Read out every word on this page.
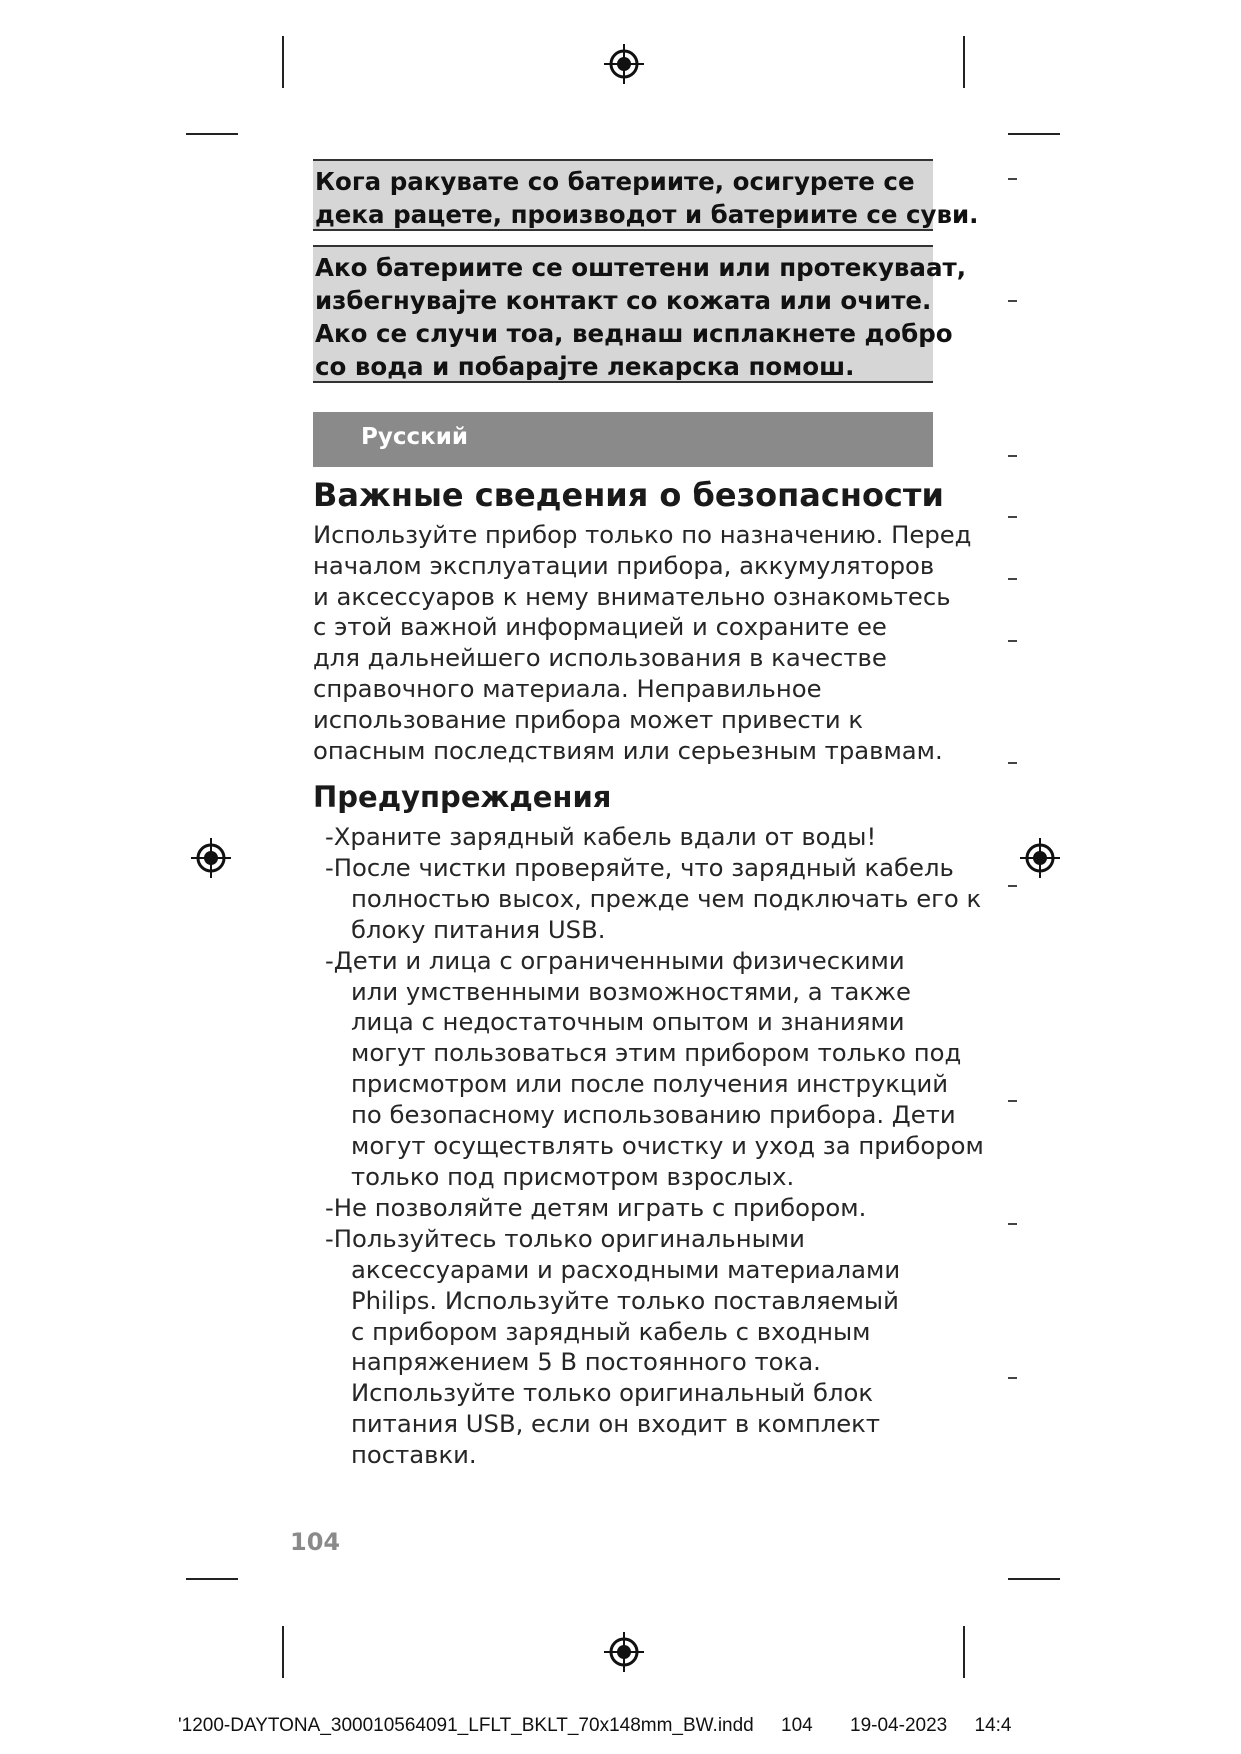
Кога ракувате со батериите, осигурете се
дека рацете, производот и батериите се суви.
Ако батериите се оштетени или протекуваат,
избегнувајте контакт со кожата или очите.
Ако се случи тоа, веднаш исплакнете добро
со вода и побарајте лекарска помош.
Русский
Важные сведения о безопасности
Используйте прибор только по назначению. Перед
началом эксплуатации прибора, аккумуляторов
и аксессуаров к нему внимательно ознакомьтесь
с этой важной информацией и сохраните ее
для дальнейшего использования в качестве
справочного материала. Неправильное
использование прибора может привести к
опасным последствиям или серьезным травмам.
Предупреждения
-Храните зарядный кабель вдали от воды!
-После чистки проверяйте, что зарядный кабель
полностью высох, прежде чем подключать его к
блоку питания USB.
-Дети и лица с ограниченными физическими
или умственными возможностями, а также
лица с недостаточным опытом и знаниями
могут пользоваться этим прибором только под
присмотром или после получения инструкций
по безопасному использованию прибора. Дети
могут осуществлять очистку и уход за прибором
только под присмотром взрослых.
-Не позволяйте детям играть с прибором.
-Пользуйтесь только оригинальными
аксессуарами и расходными материалами
Philips. Используйте только поставляемый
с прибором зарядный кабель с входным
напряжением 5 В постоянного тока.
Используйте только оригинальный блок
питания USB, если он входит в комплект
поставки.
104
'1200-DAYTONA_300010564091_LFLT_BKLT_70x148mm_BW.indd 104 19-04-2023 14:4
